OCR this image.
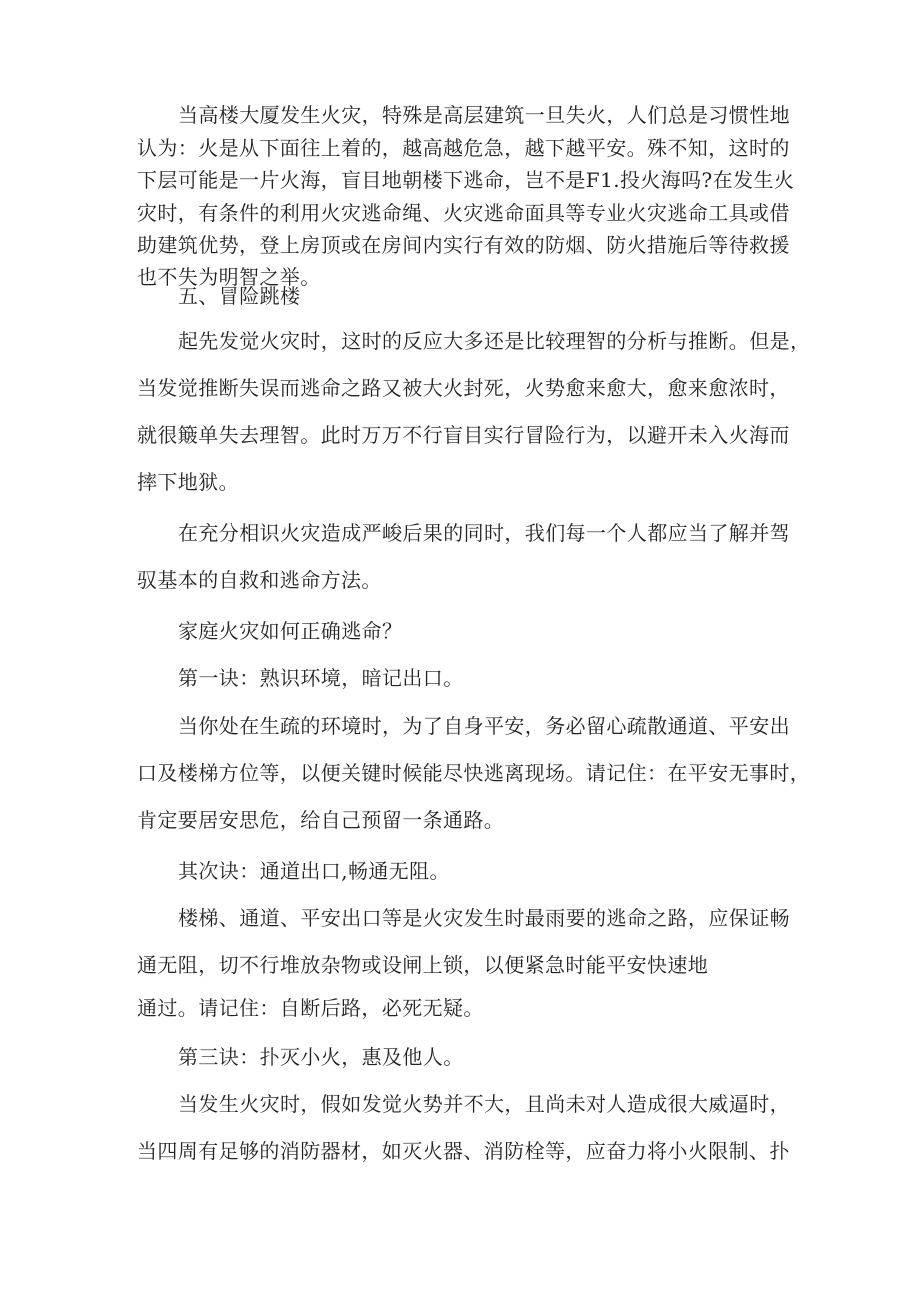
当高楼大厦发生火灾，特殊是高层建筑一旦失火，人们总是习惯性地
认为：火是从下面往上着的，越高越危急，越下越平安。殊不知，这时的
下层可能是一片火海，盲目地朝楼下逃命，岂不是F1.投火海吗?在发生火
灾时，有条件的利用火灾逃命绳、火灾逃命面具等专业火灾逃命工具或借
助建筑优势，登上房顶或在房间内实行有效的防烟、防火措施后等待救援
也不失为明智之举。
五、冒险跳楼
起先发觉火灾时，这时的反应大多还是比较理智的分析与推断。但是，
当发觉推断失误而逃命之路又被大火封死，火势愈来愈大，愈来愈浓时，
就很簸单失去理智。此时万万不行盲目实行冒险行为，以避开未入火海而
摔下地狱。
在充分相识火灾造成严峻后果的同时，我们每一个人都应当了解并驾
驭基本的自救和逃命方法。
家庭火灾如何正确逃命？
第一诀：熟识环境，暗记出口。
当你处在生疏的环境时，为了自身平安，务必留心疏散通道、平安出
口及楼梯方位等，以便关键时候能尽快逃离现场。请记住：在平安无事时，
肯定要居安思危，给自己预留一条通路。
其次诀：通道出口,畅通无阻。
楼梯、通道、平安出口等是火灾发生时最雨要的逃命之路，应保证畅
通无阻，切不行堆放杂物或设闸上锁，以便紧急时能平安快速地
通过。请记住：自断后路，必死无疑。
第三诀：扑灭小火，惠及他人。
当发生火灾时，假如发觉火势并不大，且尚未对人造成很大威逼时，
当四周有足够的消防器材，如灭火器、消防栓等，应奋力将小火限制、扑
